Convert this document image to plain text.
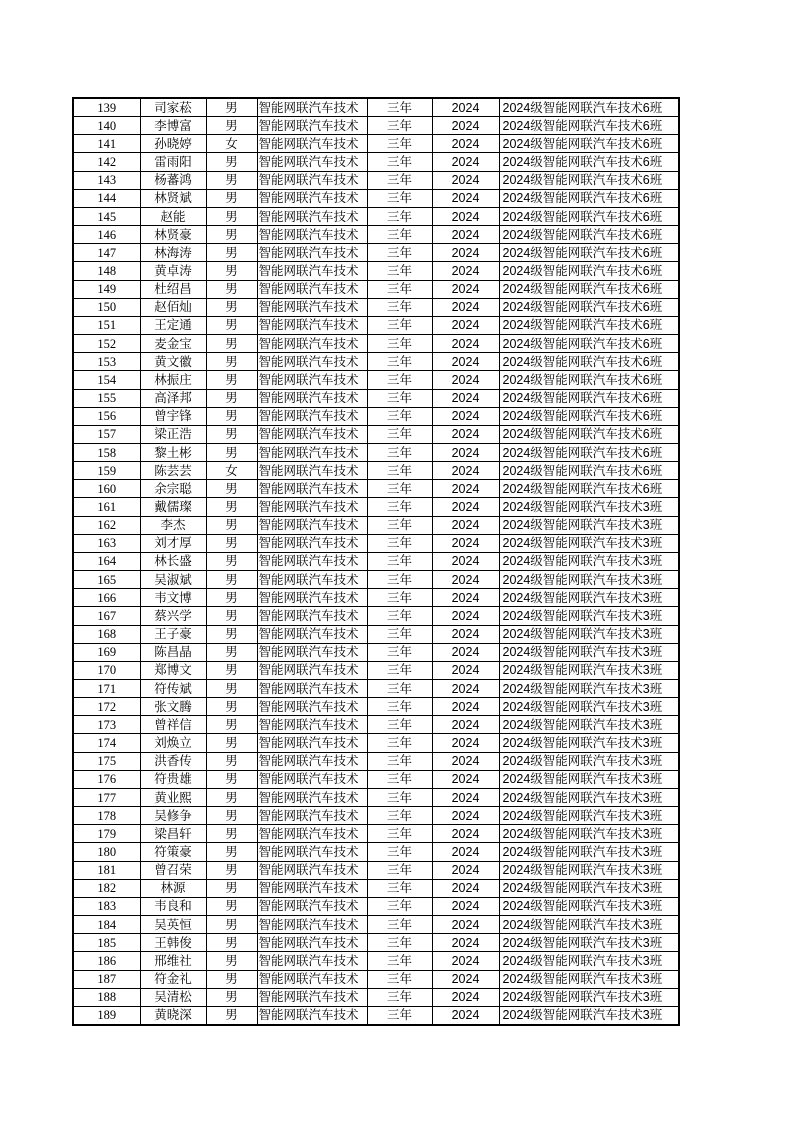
139	司家菘	男	智能网联汽车技术	三年	2024	2024级智能网联汽车技术6班
140	李博富	男	智能网联汽车技术	三年	2024	2024级智能网联汽车技术6班
141	孙晓婷	女	智能网联汽车技术	三年	2024	2024级智能网联汽车技术6班
142	雷雨阳	男	智能网联汽车技术	三年	2024	2024级智能网联汽车技术6班
143	杨蕃鸿	男	智能网联汽车技术	三年	2024	2024级智能网联汽车技术6班
144	林贤斌	男	智能网联汽车技术	三年	2024	2024级智能网联汽车技术6班
145	赵能	男	智能网联汽车技术	三年	2024	2024级智能网联汽车技术6班
146	林贤豪	男	智能网联汽车技术	三年	2024	2024级智能网联汽车技术6班
147	林海涛	男	智能网联汽车技术	三年	2024	2024级智能网联汽车技术6班
148	黄卓涛	男	智能网联汽车技术	三年	2024	2024级智能网联汽车技术6班
149	杜绍昌	男	智能网联汽车技术	三年	2024	2024级智能网联汽车技术6班
150	赵佰灿	男	智能网联汽车技术	三年	2024	2024级智能网联汽车技术6班
151	王定通	男	智能网联汽车技术	三年	2024	2024级智能网联汽车技术6班
152	麦金宝	男	智能网联汽车技术	三年	2024	2024级智能网联汽车技术6班
153	黄文徽	男	智能网联汽车技术	三年	2024	2024级智能网联汽车技术6班
154	林振庄	男	智能网联汽车技术	三年	2024	2024级智能网联汽车技术6班
155	高泽邦	男	智能网联汽车技术	三年	2024	2024级智能网联汽车技术6班
156	曾宇锋	男	智能网联汽车技术	三年	2024	2024级智能网联汽车技术6班
157	梁正浩	男	智能网联汽车技术	三年	2024	2024级智能网联汽车技术6班
158	黎土彬	男	智能网联汽车技术	三年	2024	2024级智能网联汽车技术6班
159	陈芸芸	女	智能网联汽车技术	三年	2024	2024级智能网联汽车技术6班
160	余宗聪	男	智能网联汽车技术	三年	2024	2024级智能网联汽车技术6班
161	戴儒璨	男	智能网联汽车技术	三年	2024	2024级智能网联汽车技术3班
162	李杰	男	智能网联汽车技术	三年	2024	2024级智能网联汽车技术3班
163	刘才厚	男	智能网联汽车技术	三年	2024	2024级智能网联汽车技术3班
164	林长盛	男	智能网联汽车技术	三年	2024	2024级智能网联汽车技术3班
165	吴淑斌	男	智能网联汽车技术	三年	2024	2024级智能网联汽车技术3班
166	韦文博	男	智能网联汽车技术	三年	2024	2024级智能网联汽车技术3班
167	蔡兴学	男	智能网联汽车技术	三年	2024	2024级智能网联汽车技术3班
168	王子豪	男	智能网联汽车技术	三年	2024	2024级智能网联汽车技术3班
169	陈昌晶	男	智能网联汽车技术	三年	2024	2024级智能网联汽车技术3班
170	郑博文	男	智能网联汽车技术	三年	2024	2024级智能网联汽车技术3班
171	符传斌	男	智能网联汽车技术	三年	2024	2024级智能网联汽车技术3班
172	张文腾	男	智能网联汽车技术	三年	2024	2024级智能网联汽车技术3班
173	曾祥信	男	智能网联汽车技术	三年	2024	2024级智能网联汽车技术3班
174	刘焕立	男	智能网联汽车技术	三年	2024	2024级智能网联汽车技术3班
175	洪香传	男	智能网联汽车技术	三年	2024	2024级智能网联汽车技术3班
176	符贵雄	男	智能网联汽车技术	三年	2024	2024级智能网联汽车技术3班
177	黄业熙	男	智能网联汽车技术	三年	2024	2024级智能网联汽车技术3班
178	吴修争	男	智能网联汽车技术	三年	2024	2024级智能网联汽车技术3班
179	梁昌轩	男	智能网联汽车技术	三年	2024	2024级智能网联汽车技术3班
180	符策豪	男	智能网联汽车技术	三年	2024	2024级智能网联汽车技术3班
181	曾召荣	男	智能网联汽车技术	三年	2024	2024级智能网联汽车技术3班
182	林源	男	智能网联汽车技术	三年	2024	2024级智能网联汽车技术3班
183	韦良和	男	智能网联汽车技术	三年	2024	2024级智能网联汽车技术3班
184	吴英恒	男	智能网联汽车技术	三年	2024	2024级智能网联汽车技术3班
185	王韩俊	男	智能网联汽车技术	三年	2024	2024级智能网联汽车技术3班
186	邢维社	男	智能网联汽车技术	三年	2024	2024级智能网联汽车技术3班
187	符金礼	男	智能网联汽车技术	三年	2024	2024级智能网联汽车技术3班
188	吴清松	男	智能网联汽车技术	三年	2024	2024级智能网联汽车技术3班
189	黄晓深	男	智能网联汽车技术	三年	2024	2024级智能网联汽车技术3班
